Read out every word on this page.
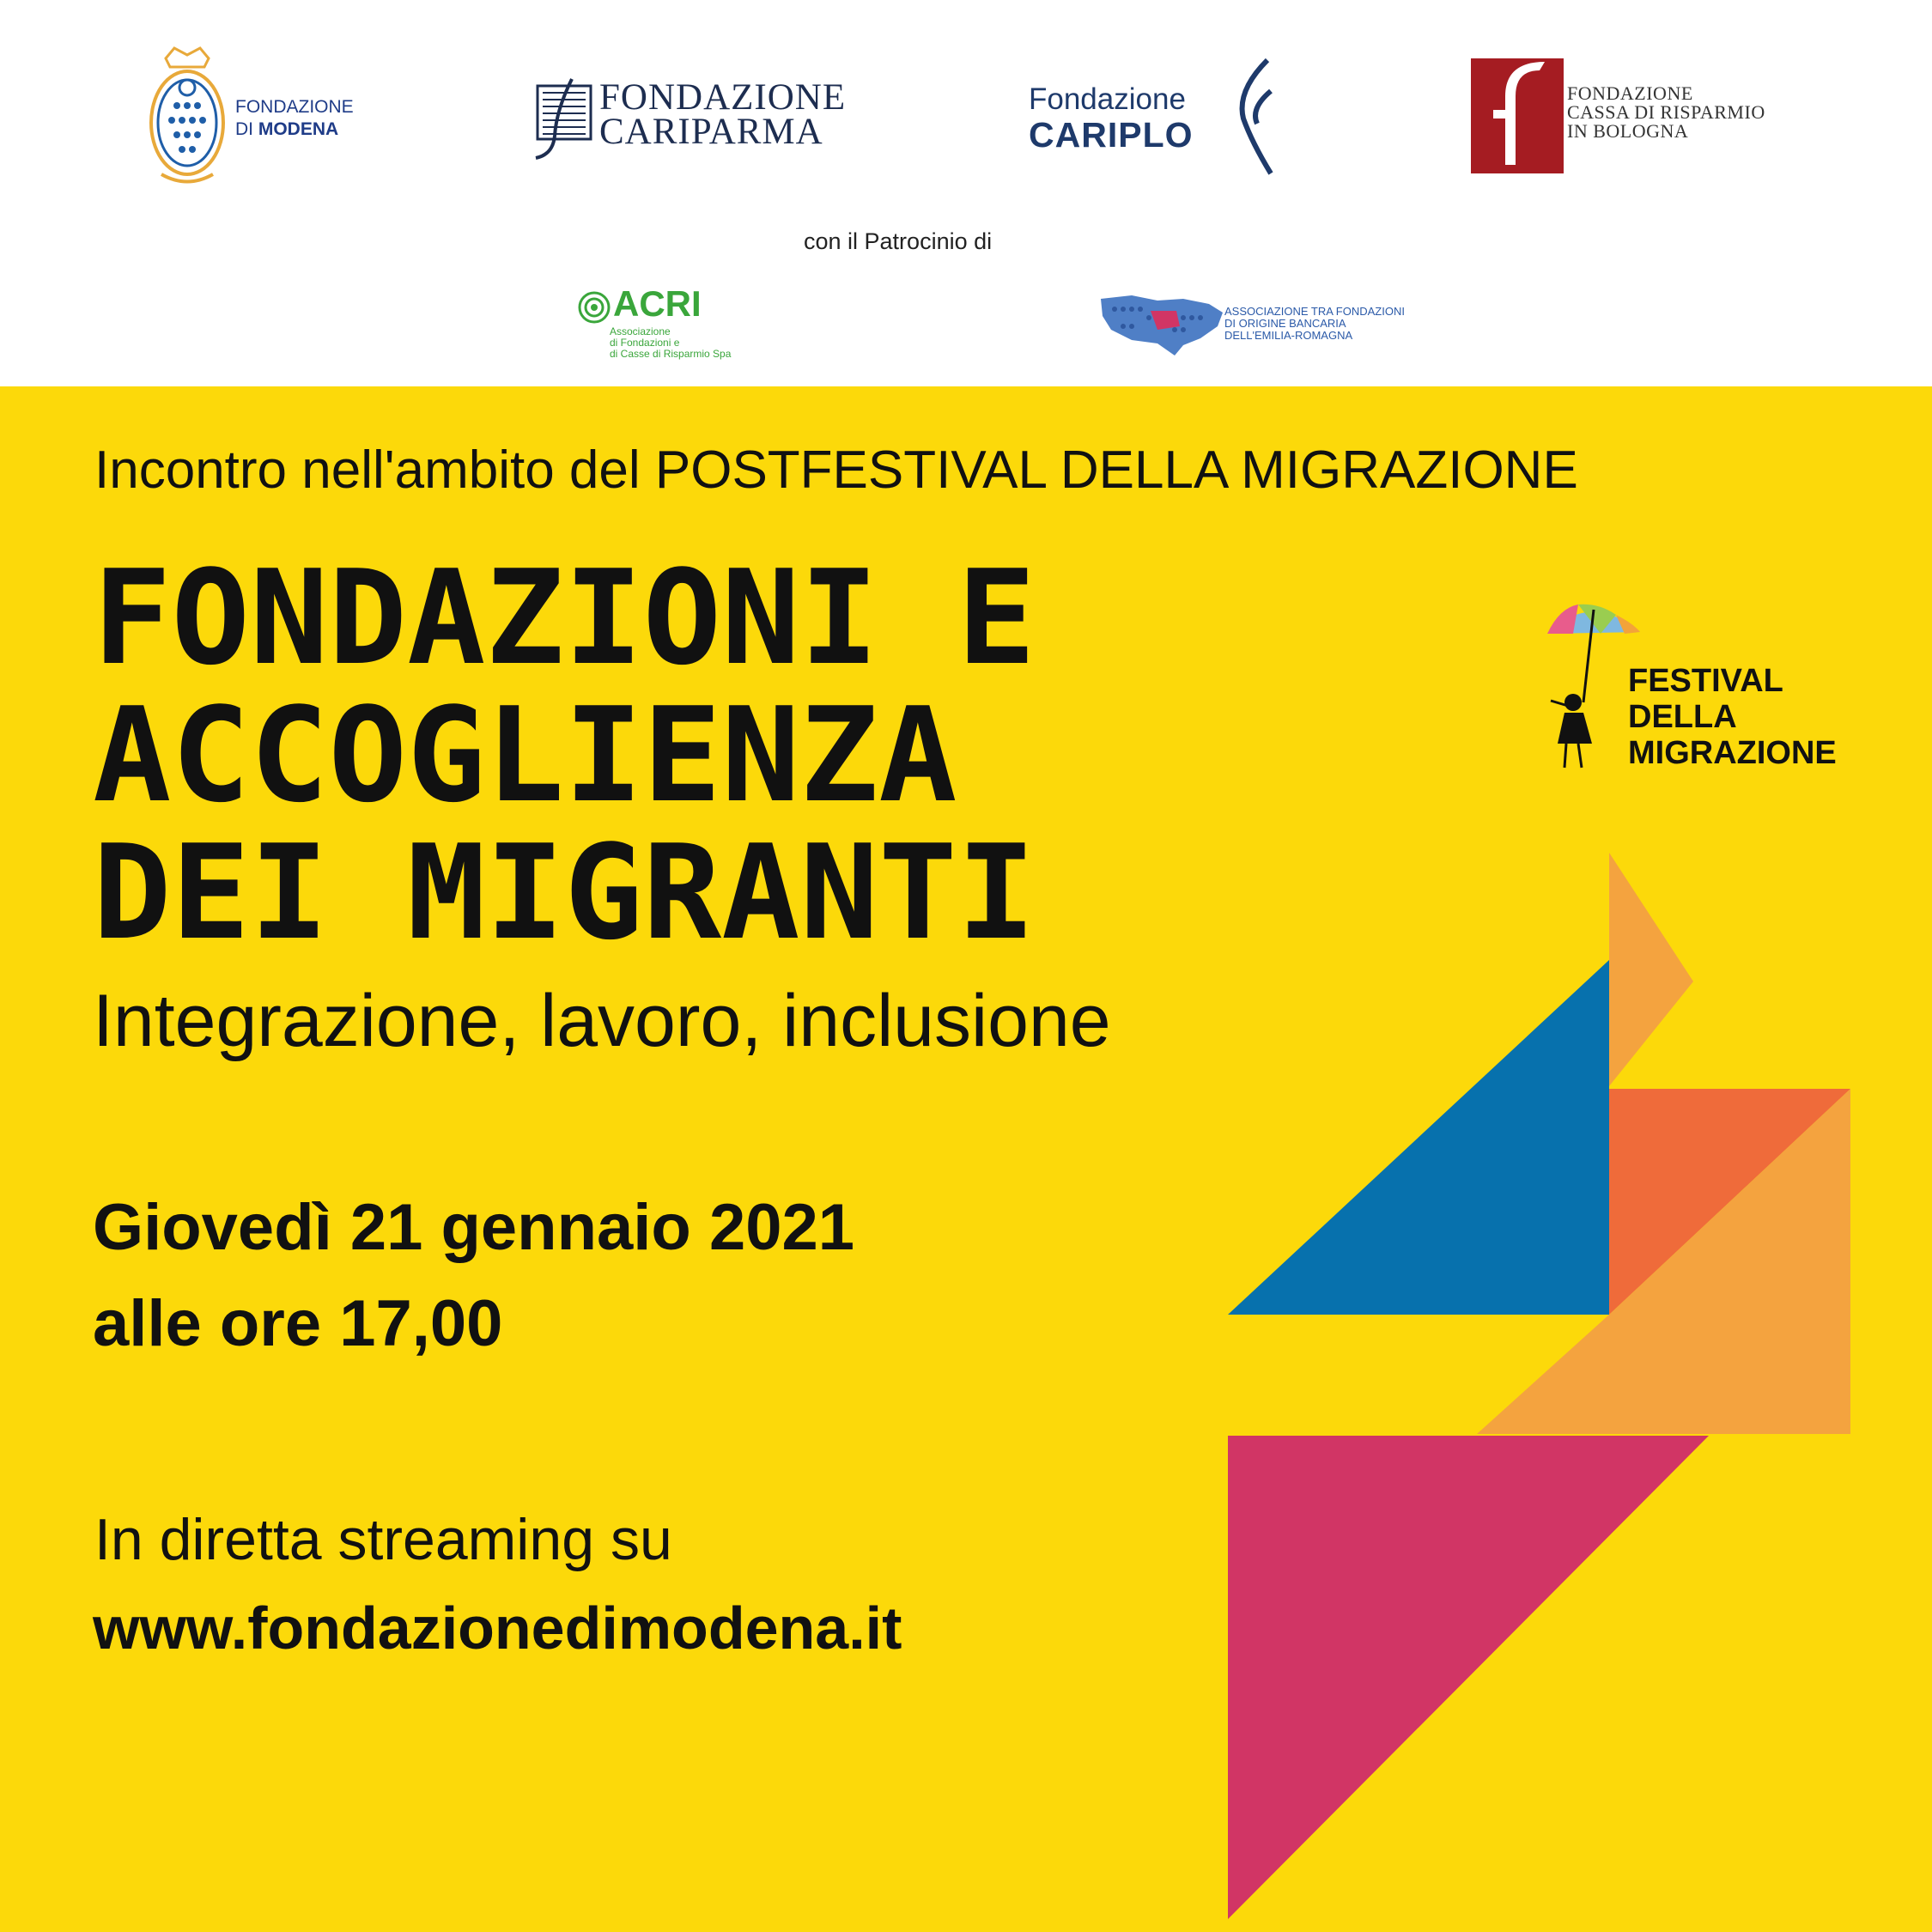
FONDAZIONE
DI MODENA
FONDAZIONE
CARIPARMA
Fondazione
CARIPLO
FONDAZIONE
CASSA DI RISPARMIO
IN BOLOGNA
con il Patrocinio di
ACRI
Associazione
di Fondazioni e
di Casse di Risparmio Spa
ASSOCIAZIONE TRA FONDAZIONI
DI ORIGINE BANCARIA
DELL'EMILIA-ROMAGNA
FESTIVAL
DELLA
MIGRAZIONE
Incontro nell'ambito del POSTFESTIVAL DELLA MIGRAZIONE
FONDAZIONI E
ACCOGLIENZA
DEI MIGRANTI
Integrazione, lavoro, inclusione
Giovedì 21 gennaio 2021
alle ore 17,00
In diretta streaming su
www.fondazionedimodena.it
